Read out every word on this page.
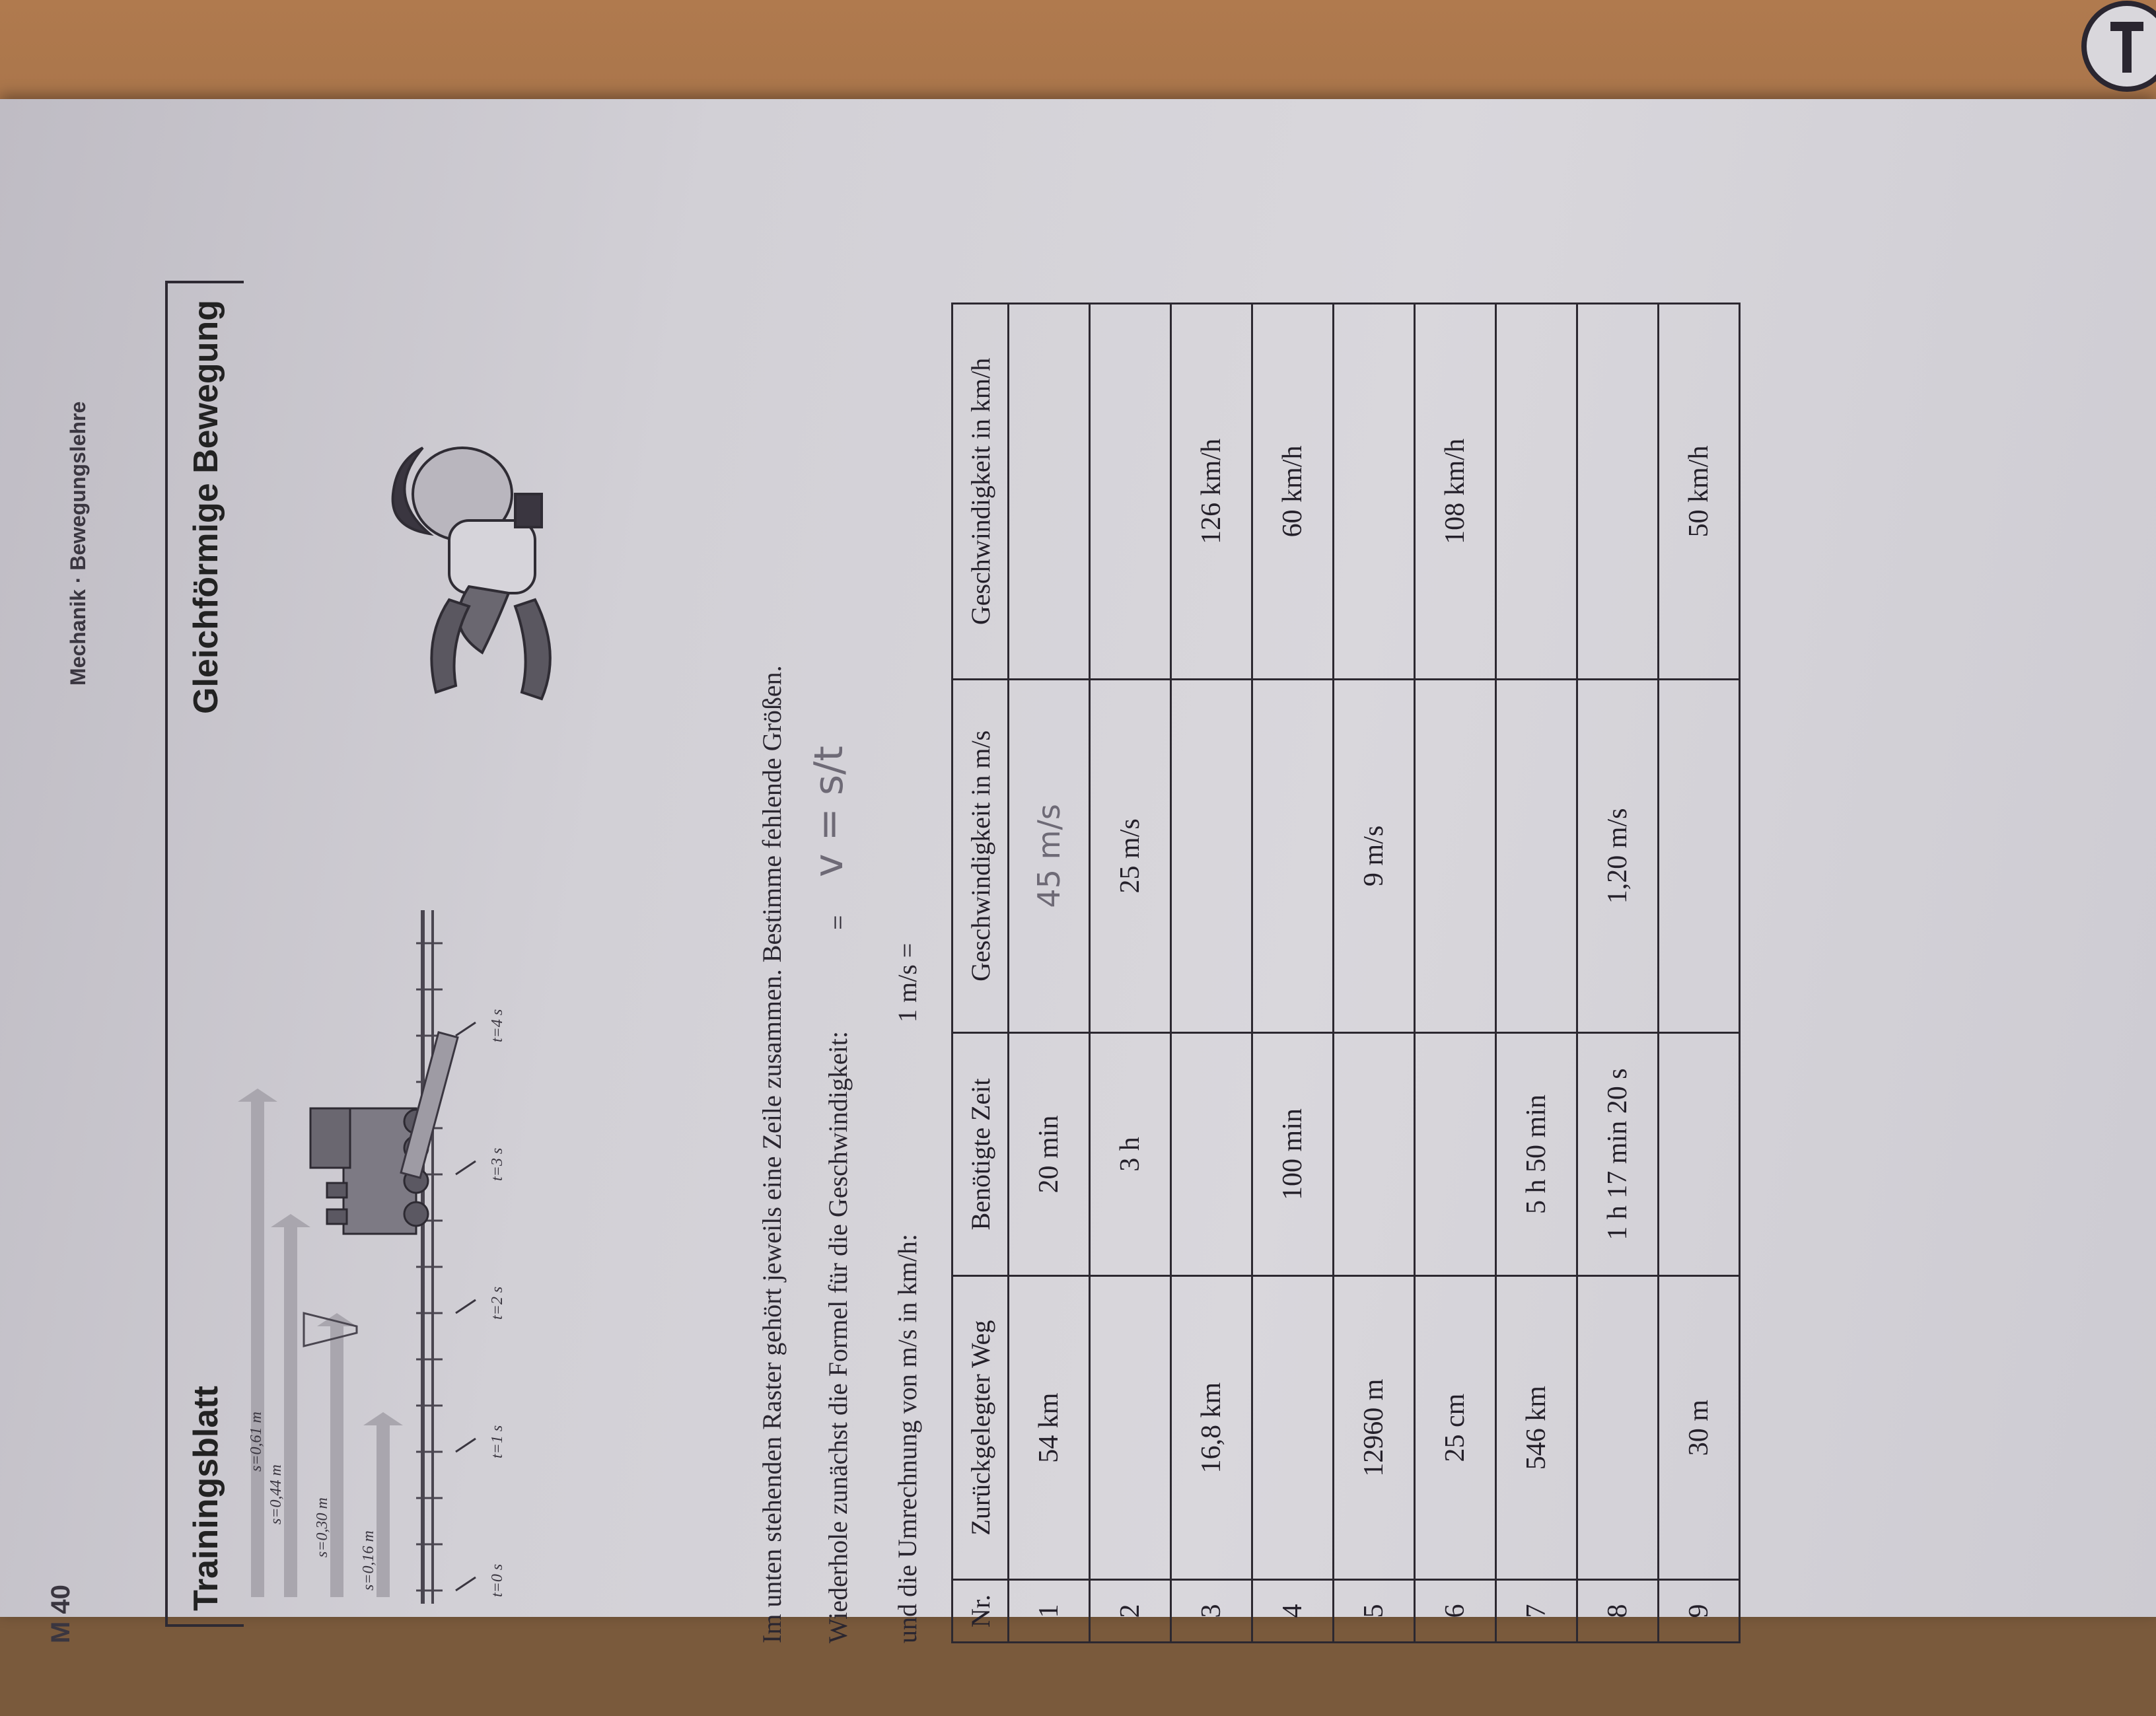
M 40
Mechanik · Bewegungslehre
Trainingsblatt
Gleichförmige Bewegung
s=0,16 m
s=0,30 m
s=0,44 m
s=0,61 m
t=0 s
t=1 s
t=2 s
t=3 s
t=4 s	Im unten stehenden Raster gehört jeweils eine Zeile zusammen. Bestimme fehlende Größen. Wiederhole zunächst die Formel für die Geschwindigkeit:
=
v = s/t
und die Umrechnung von m/s in km/h:
1 m/s =
Nr.	Zurückgelegter Weg	Benötigte Zeit	Geschwindigkeit in m/s	Geschwindigkeit in km/h
1	54 km	20 min	45 m/s	
2		3 h	25 m/s	
3	16,8 km			126 km/h
4		100 min		60 km/h
5	12960 m		9 m/s	
6	25 cm			108 km/h
7	546 km	5 h 50 min		
8		1 h 17 min 20 s	1,20 m/s	
9	30 m			50 km/h
